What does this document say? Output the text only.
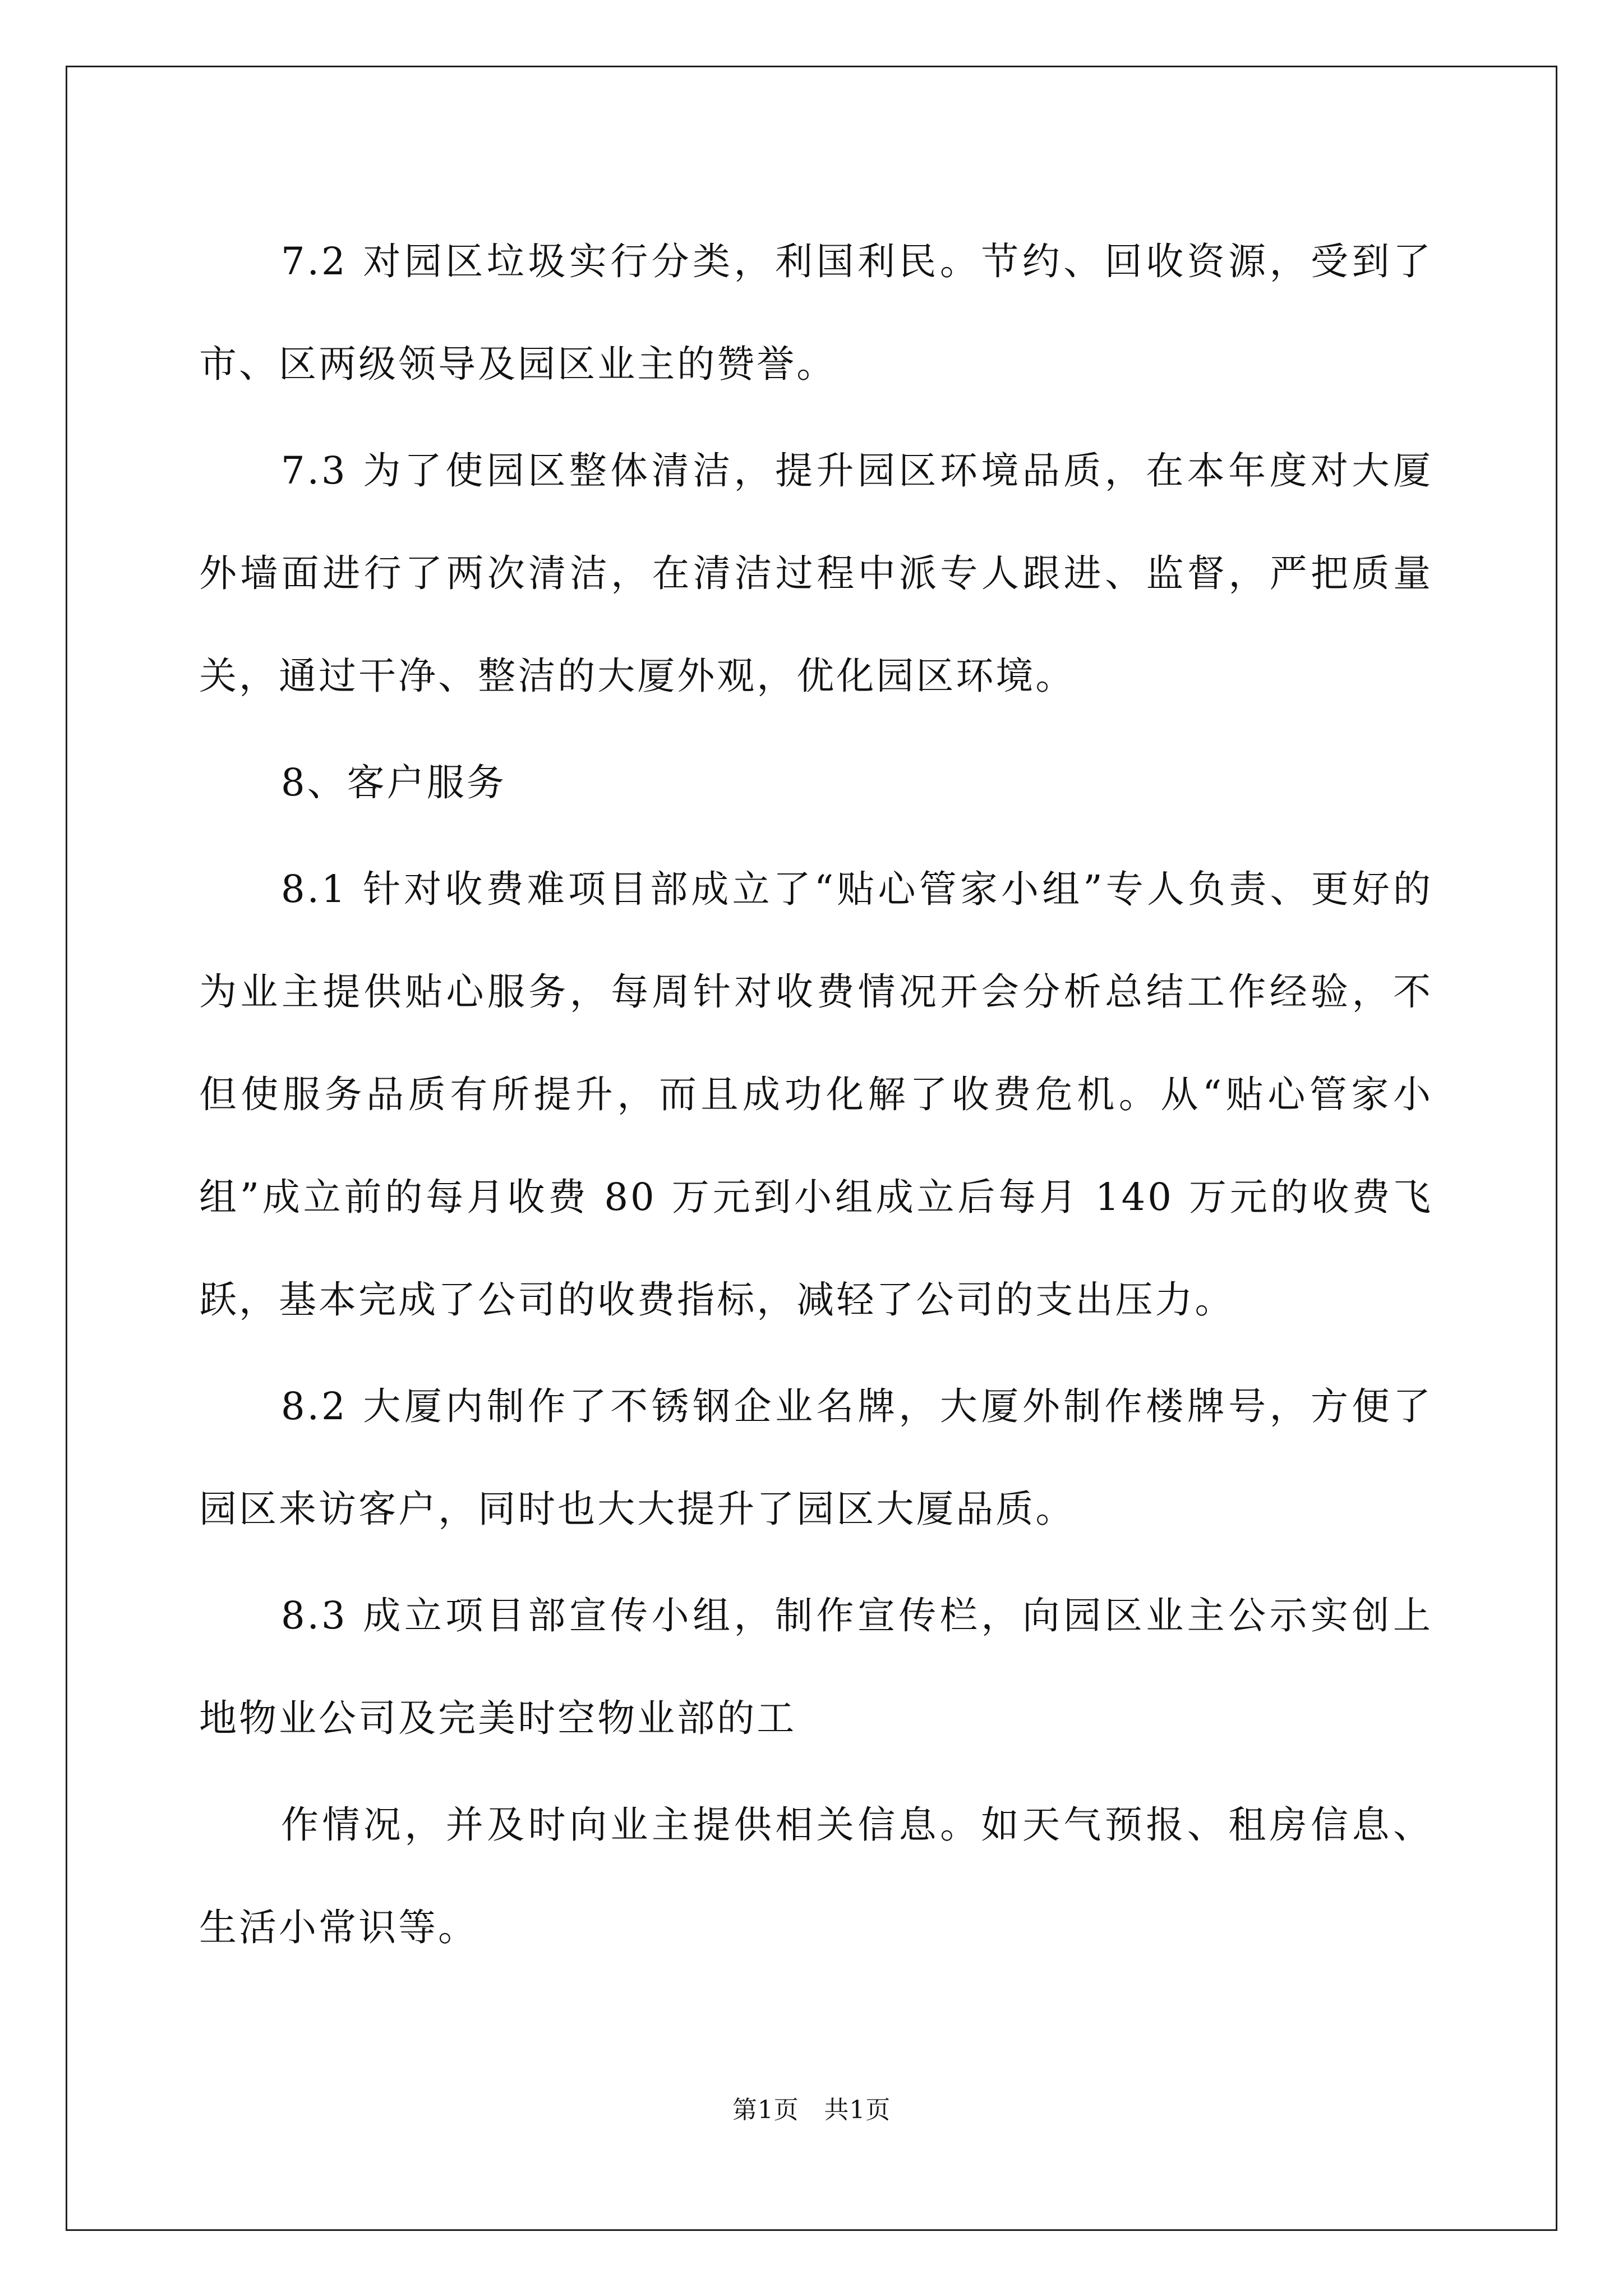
7.2 对园区垃圾实行分类，利国利民。节约、回收资源，受到了市、区两级领导及园区业主的赞誉。

7.3 为了使园区整体清洁，提升园区环境品质，在本年度对大厦外墙面进行了两次清洁，在清洁过程中派专人跟进、监督，严把质量关，通过干净、整洁的大厦外观，优化园区环境。

8、客户服务

8.1 针对收费难项目部成立了“贴心管家小组”专人负责、更好的为业主提供贴心服务，每周针对收费情况开会分析总结工作经验，不但使服务品质有所提升，而且成功化解了收费危机。从“贴心管家小组”成立前的每月收费 80 万元到小组成立后每月 140 万元的收费飞跃，基本完成了公司的收费指标，减轻了公司的支出压力。

8.2 大厦内制作了不锈钢企业名牌，大厦外制作楼牌号，方便了园区来访客户，同时也大大提升了园区大厦品质。

8.3 成立项目部宣传小组，制作宣传栏，向园区业主公示实创上地物业公司及完美时空物业部的工

作情况，并及时向业主提供相关信息。如天气预报、租房信息、生活小常识等。

第1页　共1页
